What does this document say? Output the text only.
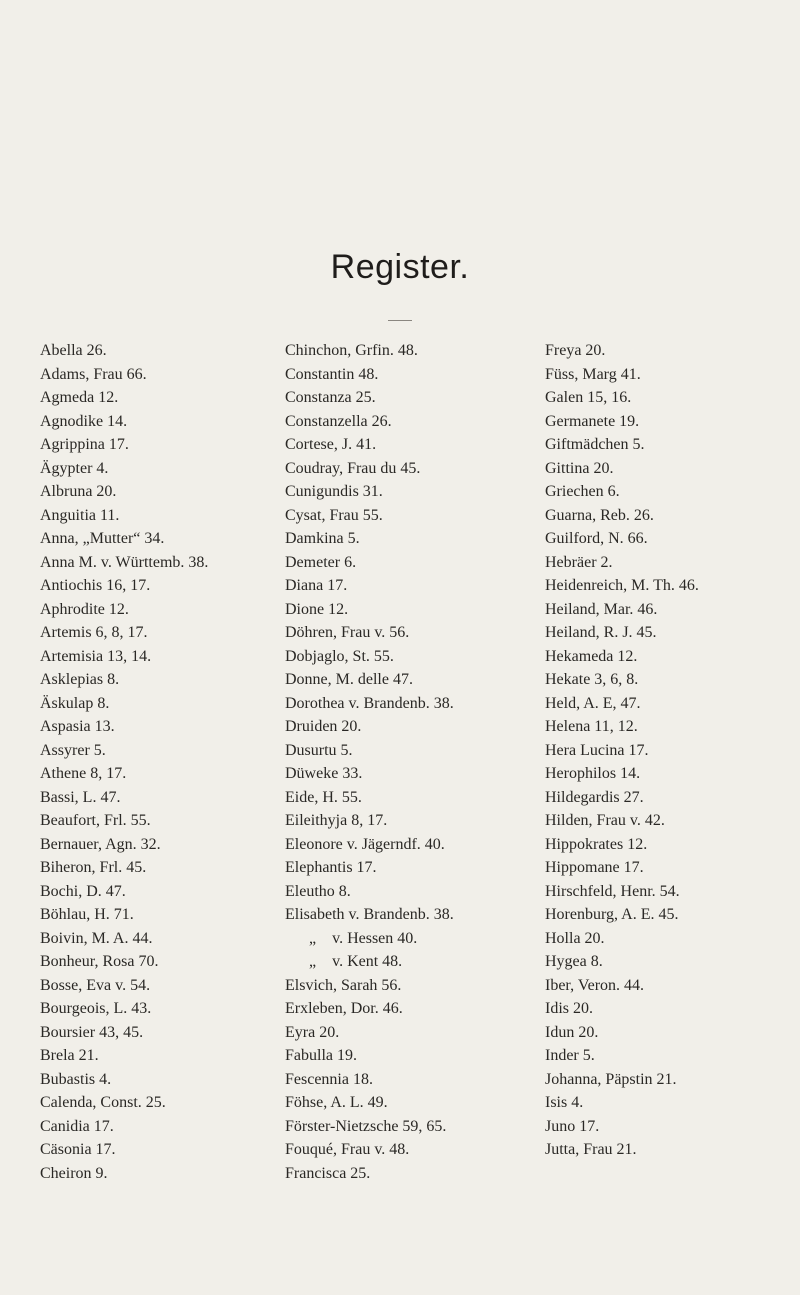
Register.
Abella 26.
Adams, Frau 66.
Agmeda 12.
Agnodike 14.
Agrippina 17.
Ägypter 4.
Albruna 20.
Anguitia 11.
Anna, „Mutter“ 34.
Anna M. v. Württemb. 38.
Antiochis 16, 17.
Aphrodite 12.
Artemis 6, 8, 17.
Artemisia 13, 14.
Asklepias 8.
Äskulap 8.
Aspasia 13.
Assyrer 5.
Athene 8, 17.
Bassi, L. 47.
Beaufort, Frl. 55.
Bernauer, Agn. 32.
Biheron, Frl. 45.
Bochi, D. 47.
Böhlau, H. 71.
Boivin, M. A. 44.
Bonheur, Rosa 70.
Bosse, Eva v. 54.
Bourgeois, L. 43.
Boursier 43, 45.
Brela 21.
Bubastis 4.
Calenda, Const. 25.
Canidia 17.
Cäsonia 17.
Cheiron 9.
Chinchon, Grfin. 48.
Constantin 48.
Constanza 25.
Constanzella 26.
Cortese, J. 41.
Coudray, Frau du 45.
Cunigundis 31.
Cysat, Frau 55.
Damkina 5.
Demeter 6.
Diana 17.
Dione 12.
Döhren, Frau v. 56.
Dobjaglo, St. 55.
Donne, M. delle 47.
Dorothea v. Brandenb. 38.
Druiden 20.
Dusurtu 5.
Düweke 33.
Eide, H. 55.
Eileithyja 8, 17.
Eleonore v. Jägerndf. 40.
Elephantis 17.
Eleutho 8.
Elisabeth v. Brandenb. 38.
„    v. Hessen 40.
„    v. Kent 48.
Elsvich, Sarah 56.
Erxleben, Dor. 46.
Eyra 20.
Fabulla 19.
Fescennia 18.
Föhse, A. L. 49.
Förster-Nietzsche 59, 65.
Fouqué, Frau v. 48.
Francisca 25.
Freya 20.
Füss, Marg 41.
Galen 15, 16.
Germanete 19.
Giftmädchen 5.
Gittina 20.
Griechen 6.
Guarna, Reb. 26.
Guilford, N. 66.
Hebräer 2.
Heidenreich, M. Th. 46.
Heiland, Mar. 46.
Heiland, R. J. 45.
Hekameda 12.
Hekate 3, 6, 8.
Held, A. E, 47.
Helena 11, 12.
Hera Lucina 17.
Herophilos 14.
Hildegardis 27.
Hilden, Frau v. 42.
Hippokrates 12.
Hippomane 17.
Hirschfeld, Henr. 54.
Horenburg, A. E. 45.
Holla 20.
Hygea 8.
Iber, Veron. 44.
Idis 20.
Idun 20.
Inder 5.
Johanna, Päpstin 21.
Isis 4.
Juno 17.
Jutta, Frau 21.
